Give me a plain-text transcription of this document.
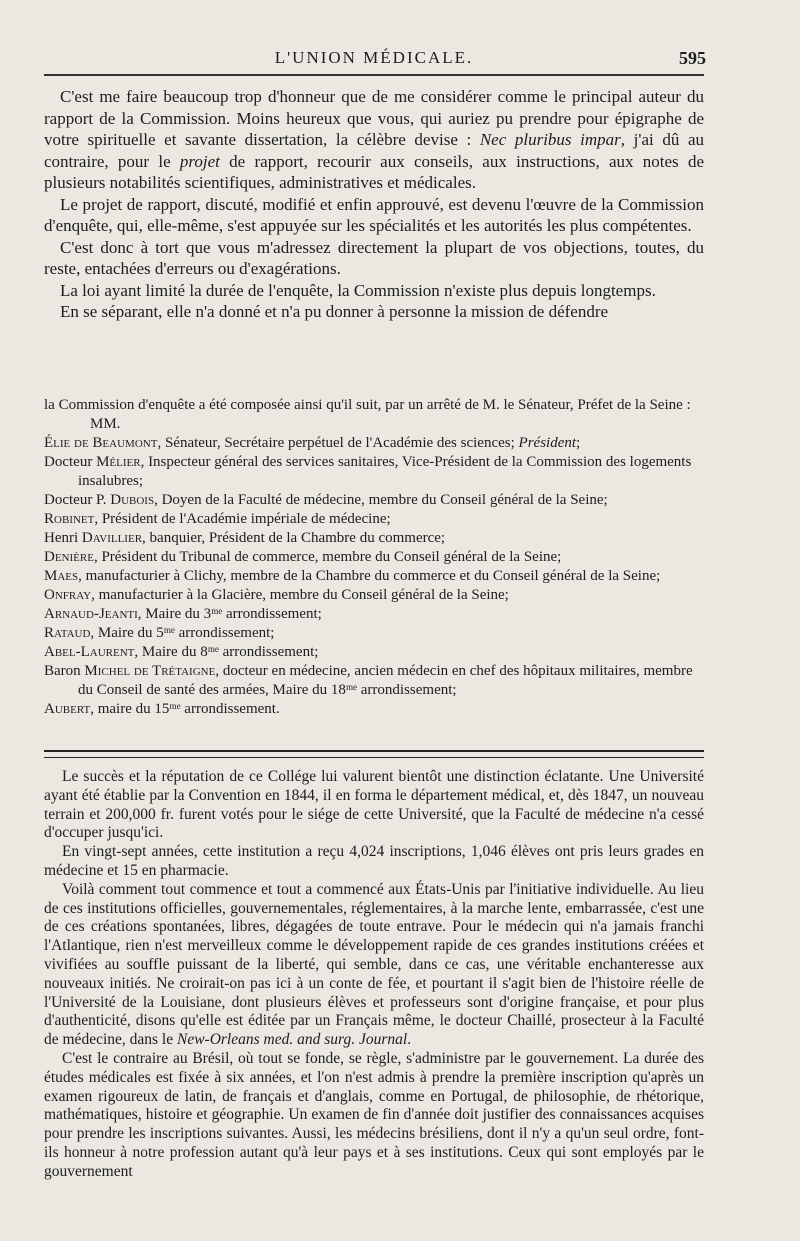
L'UNION MÉDICALE.	595

C'est me faire beaucoup trop d'honneur que de me considérer comme le principal auteur du rapport de la Commission. Moins heureux que vous, qui auriez pu prendre pour épigraphe de votre spirituelle et savante dissertation, la célèbre devise : Nec pluribus impar, j'ai dû au contraire, pour le projet de rapport, recourir aux conseils, aux instructions, aux notes de plusieurs notabilités scientifiques, administratives et médicales.

Le projet de rapport, discuté, modifié et enfin approuvé, est devenu l'œuvre de la Commission d'enquête, qui, elle-même, s'est appuyée sur les spécialités et les autorités les plus compétentes.

C'est donc à tort que vous m'adressez directement la plupart de vos objections, toutes, du reste, entachées d'erreurs ou d'exagérations.

La loi ayant limité la durée de l'enquête, la Commission n'existe plus depuis longtemps.

En se séparant, elle n'a donné et n'a pu donner à personne la mission de défendre

la Commission d'enquête a été composée ainsi qu'il suit, par un arrêté de M. le Sénateur, Préfet de la Seine :

MM.
Élie de Beaumont, Sénateur, Secrétaire perpétuel de l'Académie des sciences; Président;
Docteur Mélier, Inspecteur général des services sanitaires, Vice-Président de la Commission des logements insalubres;
Docteur P. Dubois, Doyen de la Faculté de médecine, membre du Conseil général de la Seine;
Robinet, Président de l'Académie impériale de médecine;
Henri Davillier, banquier, Président de la Chambre du commerce;
Denière, Président du Tribunal de commerce, membre du Conseil général de la Seine;
Maes, manufacturier à Clichy, membre de la Chambre du commerce et du Conseil général de la Seine;
Onfray, manufacturier à la Glacière, membre du Conseil général de la Seine;
Arnaud-Jeanti, Maire du 3ᵐᵉ arrondissement;
Rataud, Maire du 5ᵐᵉ arrondissement;
Abel-Laurent, Maire du 8ᵐᵉ arrondissement;
Baron Michel de Trétaigne, docteur en médecine, ancien médecin en chef des hôpitaux militaires, membre du Conseil de santé des armées, Maire du 18ᵐᵉ arrondissement;
Aubert, maire du 15ᵐᵉ arrondissement.

Le succès et la réputation de ce Collége lui valurent bientôt une distinction éclatante. Une Université ayant été établie par la Convention en 1844, il en forma le département médical, et, dès 1847, un nouveau terrain et 200,000 fr. furent votés pour le siége de cette Université, que la Faculté de médecine n'a cessé d'occuper jusqu'ici.

En vingt-sept années, cette institution a reçu 4,024 inscriptions, 1,046 élèves ont pris leurs grades en médecine et 15 en pharmacie.

Voilà comment tout commence et tout a commencé aux États-Unis par l'initiative individuelle. Au lieu de ces institutions officielles, gouvernementales, réglementaires, à la marche lente, embarrassée, c'est une de ces créations spontanées, libres, dégagées de toute entrave. Pour le médecin qui n'a jamais franchi l'Atlantique, rien n'est merveilleux comme le développement rapide de ces grandes institutions créées et vivifiées au souffle puissant de la liberté, qui semble, dans ce cas, une véritable enchanteresse aux nouveaux initiés. Ne croirait-on pas ici à un conte de fée, et pourtant il s'agit bien de l'histoire réelle de l'Université de la Louisiane, dont plusieurs élèves et professeurs sont d'origine française, et pour plus d'authenticité, disons qu'elle est éditée par un Français même, le docteur Chaillé, prosecteur à la Faculté de médecine, dans le New-Orleans med. and surg. Journal.

C'est le contraire au Brésil, où tout se fonde, se règle, s'administre par le gouvernement. La durée des études médicales est fixée à six années, et l'on n'est admis à prendre la première inscription qu'après un examen rigoureux de latin, de français et d'anglais, comme en Portugal, de philosophie, de rhétorique, mathématiques, histoire et géographie. Un examen de fin d'année doit justifier des connaissances acquises pour prendre les inscriptions suivantes. Aussi, les médecins brésiliens, dont il n'y a qu'un seul ordre, font-ils honneur à notre profession autant qu'à leur pays et à ses institutions. Ceux qui sont employés par le gouvernement
